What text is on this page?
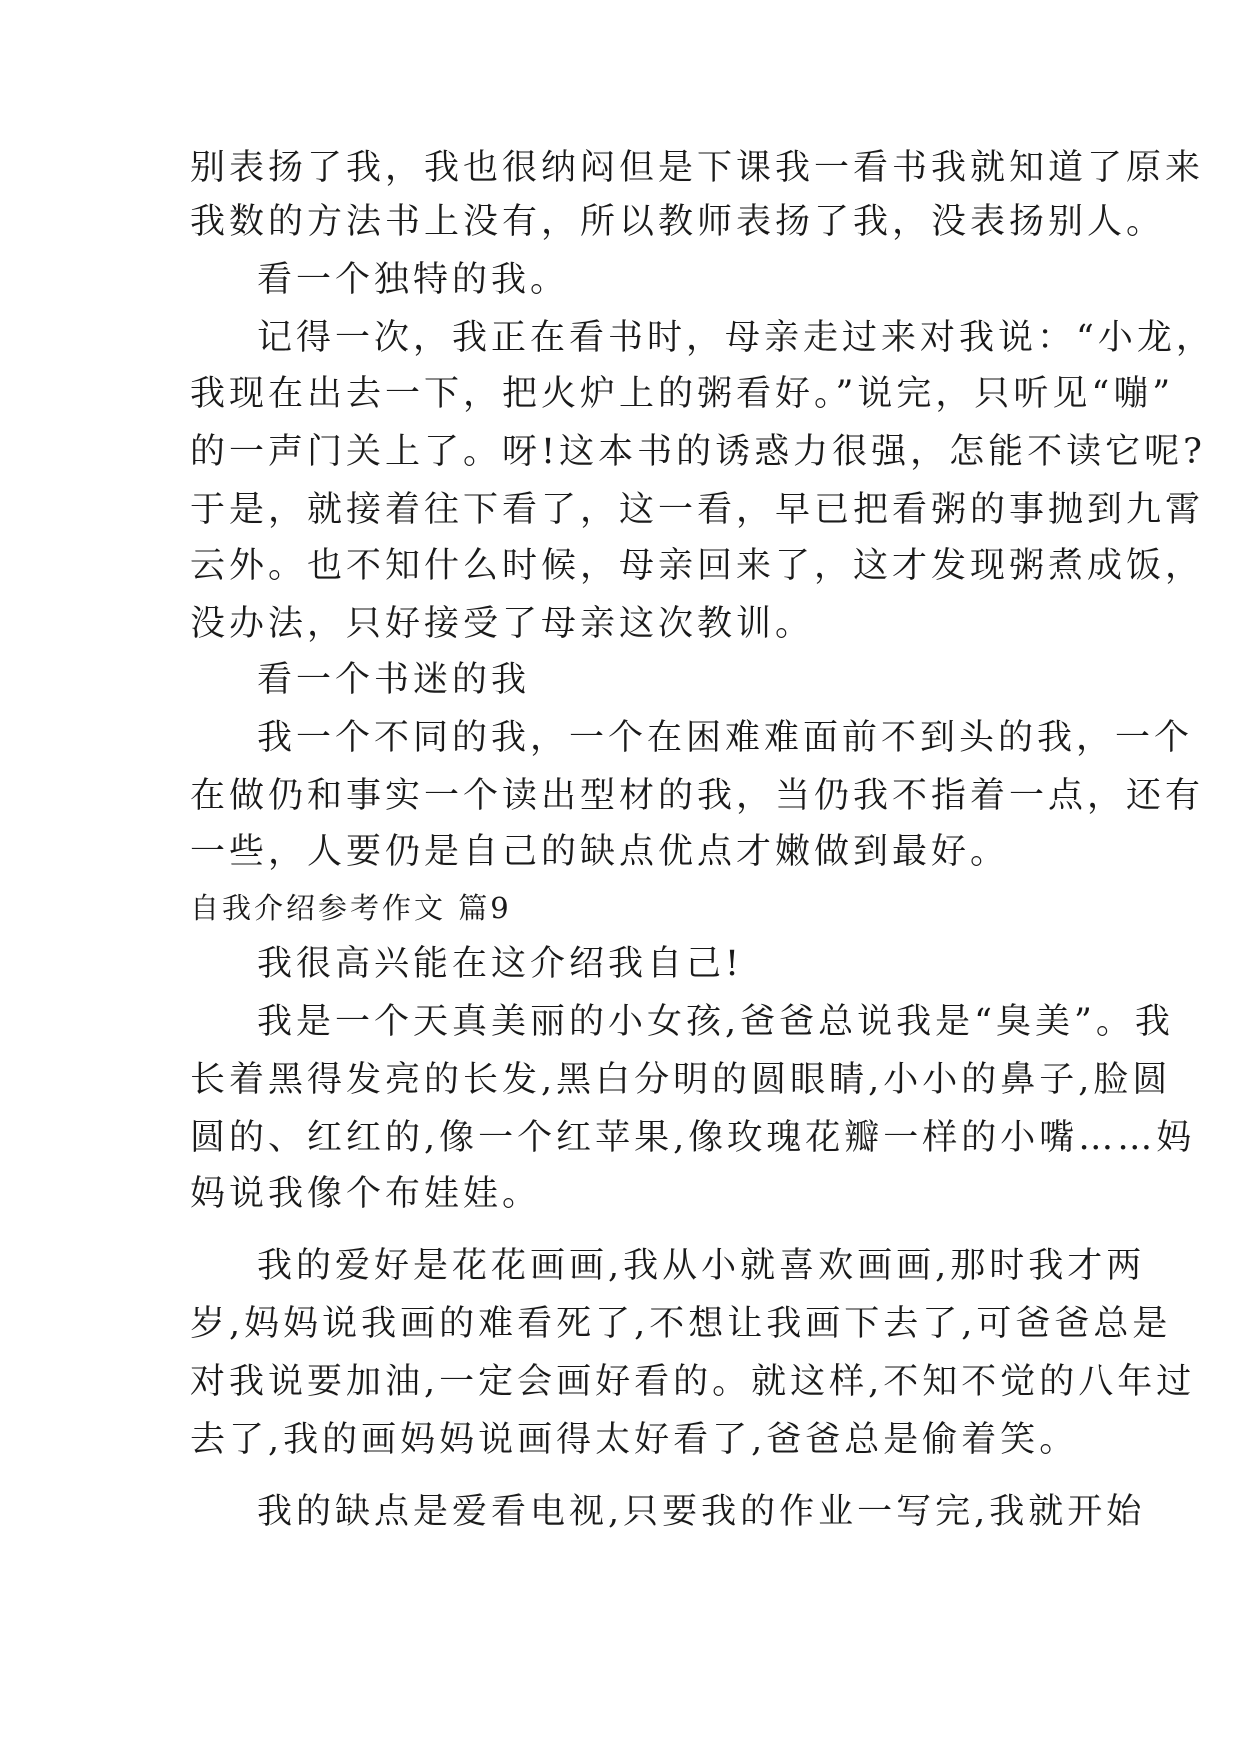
别表扬了我，我也很纳闷但是下课我一看书我就知道了原来
我数的方法书上没有，所以教师表扬了我，没表扬别人。
看一个独特的我。
记得一次，我正在看书时，母亲走过来对我说：“小龙，
我现在出去一下，把火炉上的粥看好。”说完，只听见“嘣”
的一声门关上了。呀!这本书的诱惑力很强，怎能不读它呢?
于是，就接着往下看了，这一看，早已把看粥的事抛到九霄
云外。也不知什么时候，母亲回来了，这才发现粥煮成饭，
没办法，只好接受了母亲这次教训。
看一个书迷的我
我一个不同的我，一个在困难难面前不到头的我，一个
在做仍和事实一个读出型材的我，当仍我不指着一点，还有
一些，人要仍是自己的缺点优点才嫩做到最好。
自我介绍参考作文 篇9
我很高兴能在这介绍我自己!
我是一个天真美丽的小女孩,爸爸总说我是“臭美”。我
长着黑得发亮的长发,黑白分明的圆眼睛,小小的鼻子,脸圆
圆的、红红的,像一个红苹果,像玫瑰花瓣一样的小嘴……妈
妈说我像个布娃娃。
我的爱好是花花画画,我从小就喜欢画画,那时我才两
岁,妈妈说我画的难看死了,不想让我画下去了,可爸爸总是
对我说要加油,一定会画好看的。就这样,不知不觉的八年过
去了,我的画妈妈说画得太好看了,爸爸总是偷着笑。
我的缺点是爱看电视,只要我的作业一写完,我就开始
